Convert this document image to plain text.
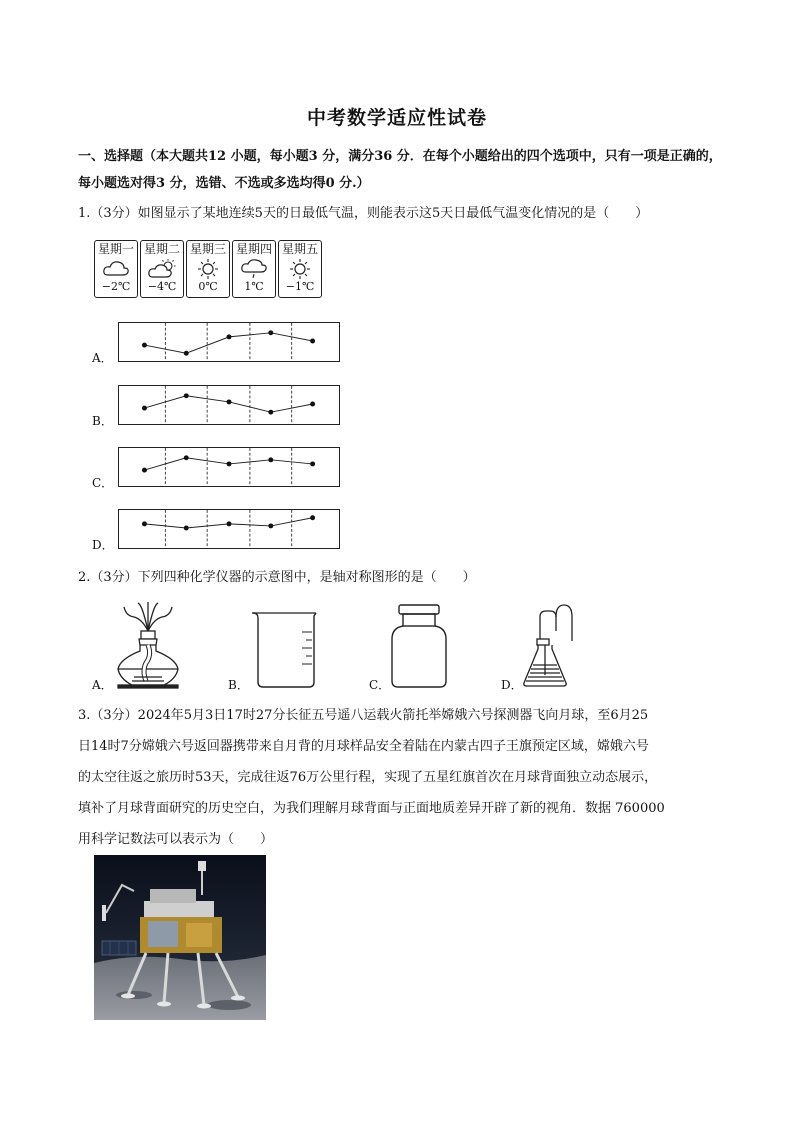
中考数学适应性试卷
一、选择题（本大题共12 小题，每小题3 分，满分36 分．在每个小题给出的四个选项中，只有一项是正确的，每小题选对得3 分，选错、不选或多选均得0 分.）
1.（3分）如图显示了某地连续5天的日最低气温，则能表示这5天日最低气温变化情况的是（　　）
星期一
−2℃
星期二
−4℃
星期三
0℃
星期四
1℃
星期五
−1℃
A．
B．
C．
D．
2.（3分）下列四种化学仪器的示意图中，是轴对称图形的是（　　）
A．	B．	C．	D．
3.（3分）2024年5月3日17时27分长征五号遥八运载火箭托举嫦娥六号探测器飞向月球，至6月25
日14时7分嫦娥六号返回器携带来自月背的月球样品安全着陆在内蒙古四子王旗预定区域，嫦娥六号
的太空往返之旅历时53天，完成往返76万公里行程，实现了五星红旗首次在月球背面独立动态展示，
填补了月球背面研究的历史空白，为我们理解月球背面与正面地质差异开辟了新的视角．数据 760000
用科学记数法可以表示为（　　）
